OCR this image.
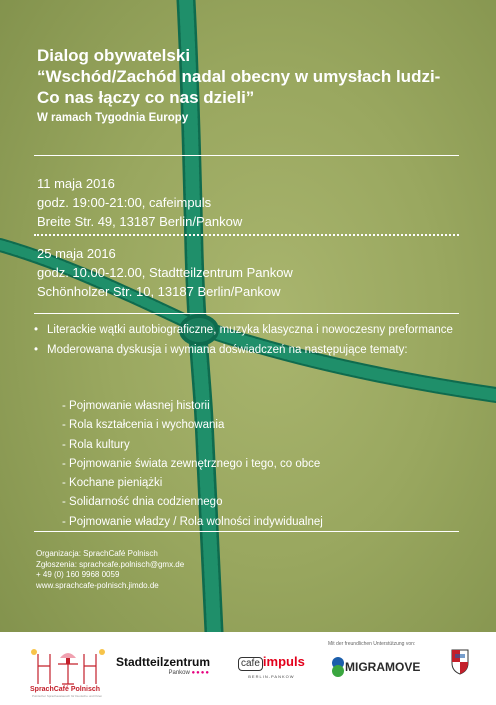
Dialog obywatelski
“Wschód/Zachód nadal obecny w umysłach ludzi-
Co nas łączy co nas dzieli”
W ramach Tygodnia Europy
11 maja 2016
godz. 19:00-21:00, cafeimpuls
Breite Str. 49, 13187 Berlin/Pankow
25 maja 2016
godz. 10.00-12.00, Stadtteilzentrum Pankow
Schönholzer Str. 10, 13187 Berlin/Pankow
• Literackie wątki autobiograficzne, muzyka klasyczna i nowoczesny preformance
• Moderowana dyskusja i wymiana doświadczeń na następujące tematy:
- Pojmowanie własnej historii
- Rola kształcenia i wychowania
- Rola kultury
- Pojmowanie świata zewnętrznego i tego, co obce
- Kochane pieniążki
- Solidarność dnia codziennego
- Pojmowanie władzy / Rola wolności indywidualnej
Organizacja: SprachCafé Polnisch
Zgłoszenia: sprachcafe.polnisch@gmx.de
+ 49 (0) 160 9968 0059
www.sprachcafe-polnisch.jimdo.de
Mit der freundlichen Unterstützung von:
SprachCafé Polnisch
Polnischer Sprachaustausch für Deutsche und Polen
Stadtteilzentrum
Pankow ●●●●
cafe impuls
BERLIN-PANKOW
MIGRAMOVE
